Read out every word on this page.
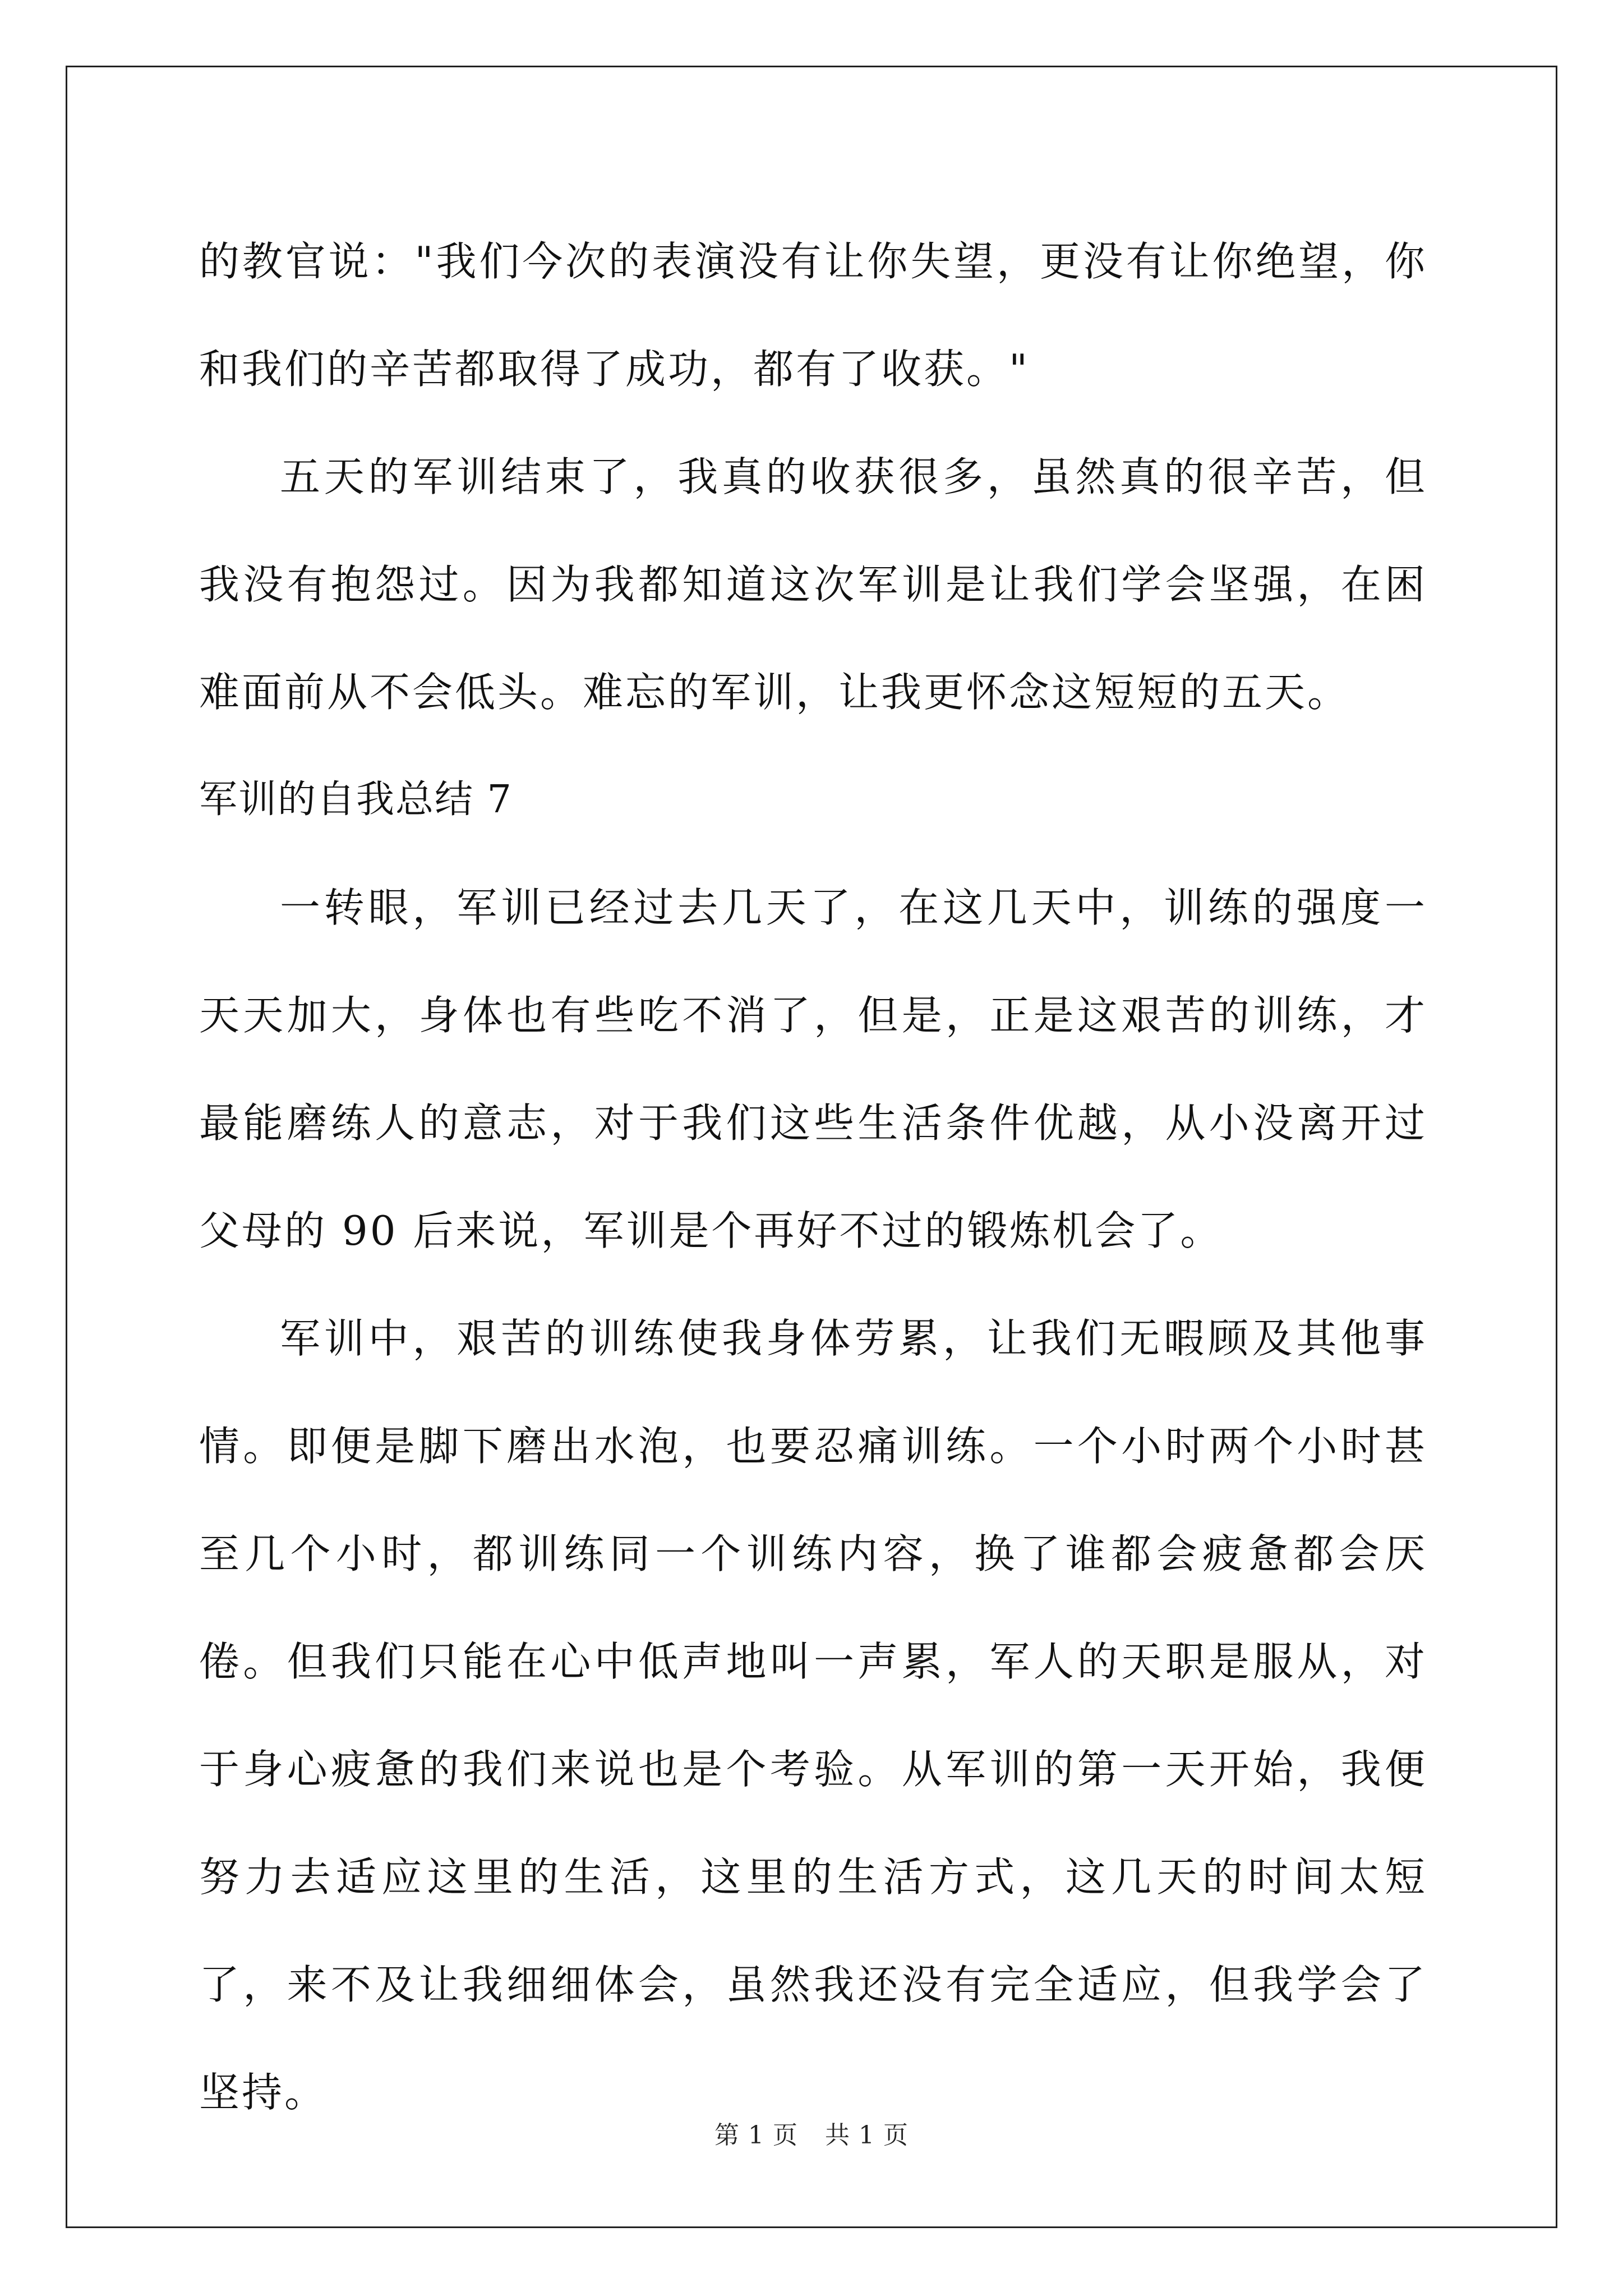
的教官说："我们今次的表演没有让你失望，更没有让你绝望，你和我们的辛苦都取得了成功，都有了收获。"

五天的军训结束了，我真的收获很多，虽然真的很辛苦，但我没有抱怨过。因为我都知道这次军训是让我们学会坚强，在困难面前从不会低头。难忘的军训，让我更怀念这短短的五天。

军训的自我总结 7

一转眼，军训已经过去几天了，在这几天中，训练的强度一天天加大，身体也有些吃不消了，但是，正是这艰苦的训练，才最能磨练人的意志，对于我们这些生活条件优越，从小没离开过父母的 90 后来说，军训是个再好不过的锻炼机会了。

军训中，艰苦的训练使我身体劳累，让我们无暇顾及其他事情。即便是脚下磨出水泡，也要忍痛训练。一个小时两个小时甚至几个小时，都训练同一个训练内容，换了谁都会疲惫都会厌倦。但我们只能在心中低声地叫一声累，军人的天职是服从，对于身心疲惫的我们来说也是个考验。从军训的第一天开始，我便努力去适应这里的生活，这里的生活方式，这几天的时间太短了，来不及让我细细体会，虽然我还没有完全适应，但我学会了坚持。

第 1 页 共 1 页
